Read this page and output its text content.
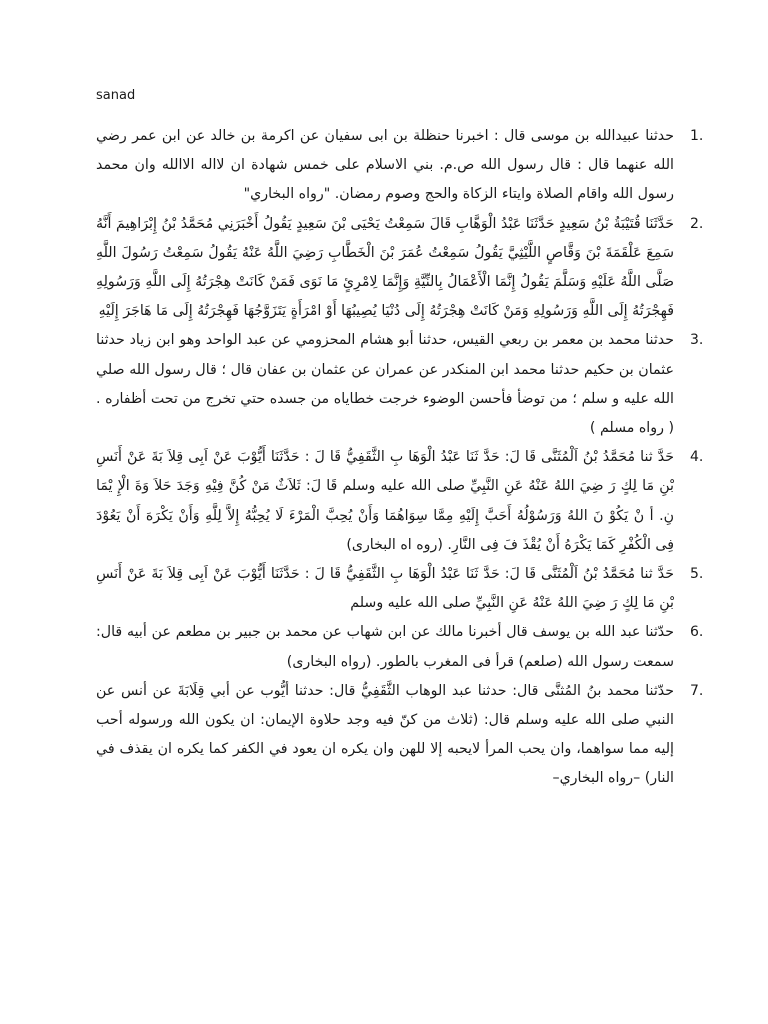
sanad
1.
حدثنا عبيدالله بن موسى قال : اخبرنا حنظلة بن ابى سفيان عن اكرمة بن خالد عن ابن عمر رضي الله عنهما قال : قال رسول الله ص.م. بني الاسلام على خمس شهادة ان لااله الاالله وان محمد رسول الله واقام الصلاة وايتاء الزكاة والحج وصوم رمضان. "رواه البخاري"
2.
حَدَّثَنَا قُتَيْبَةُ بْنُ سَعِيدٍ حَدَّثَنَا عَبْدُ الْوَهَّابِ قَالَ سَمِعْتُ يَحْيَى بْنَ سَعِيدٍ يَقُولُ أَخْبَرَنِي مُحَمَّدُ بْنُ إِبْرَاهِيمَ أَنَّهُ سَمِعَ عَلْقَمَةَ بْنَ وَقَّاصٍ اللَّيْثِيَّ يَقُولُ سَمِعْتُ عُمَرَ بْنَ الْخَطَّابِ رَضِيَ اللَّهُ عَنْهُ يَقُولُ سَمِعْتُ رَسُولَ اللَّهِ صَلَّى اللَّهُ عَلَيْهِ وَسَلَّمَ يَقُولُ إِنَّمَا الْأَعْمَالُ بِالنِّيَّةِ وَإِنَّمَا لِامْرِئٍ مَا نَوَى فَمَنْ كَانَتْ هِجْرَتُهُ إِلَى اللَّهِ وَرَسُولِهِ فَهِجْرَتُهُ إِلَى اللَّهِ وَرَسُولِهِ وَمَنْ كَانَتْ هِجْرَتُهُ إِلَى دُنْيَا يُصِيبُهَا أَوْ امْرَأَةٍ يَتَزَوَّجُهَا فَهِجْرَتُهُ إِلَى مَا هَاجَرَ إِلَيْهِ
3.
حدثنا محمد بن معمر بن ربعي القيس، حدثنا أبو هشام المحزومي عن عبد الواحد وهو ابن زياد حدثنا عثمان بن حكيم حدثنا محمد ابن المنكدر عن عمران عن عثمان بن عفان قال ؛ قال رسول الله صلي الله عليه و سلم ؛ من توضأ فأحسن الوضوء خرجت خطاياه من جسده حتي تخرج من تحت أظفاره . ( رواه مسلم )
4.
حَدَّ ثنا مُحَمَّدُ بْنُ اَلْمُثَنَّى قَا لَ: حَدَّ ثَنَا عَبْدُ الْوَهَا بِ الثَّقَفِيُّ قَا لَ : حَدَّثَنَا أَيُّوْبَ عَنْ اَبِى قِلاَ بَةَ عَنْ أَنَسِ بْنِ مَا لِكٍ رَ ضِيَ اللهُ عَنْهُ عَنِ النَّبِيِّ صلى الله عليه وسلم قَا لَ: ثَلاَثٌ مَنْ كُنَّ فِيْهِ وَجَدَ حَلاَ وَةَ الْإِ يْمَا نِ. أ نْ يَكُوْ نَ اللهُ وَرَسُوْلُهُ أَحَبَّ إِلَيْهِ مِمَّا سِوَاهُمَا وَأَنْ يُحِبَّ الْمَرْءَ لَا يُحِبُّهُ إِلاَّ لِلَّهِ وَأَنْ يَكْرَهَ أَنْ يَعُوْدَ فِى الْكُفْرِ كَمَا يَكْرَهُ أَنْ يُقْذَ فَ فِى النَّارِ. (روه اه البخارى)
5.
حَدَّ ثنا مُحَمَّدُ بْنُ اَلْمُثَنَّى قَا لَ: حَدَّ ثَنَا عَبْدُ الْوَهَا بِ الثَّقَفِيُّ قَا لَ : حَدَّثَنَا أَيُّوْبَ عَنْ اَبِى قِلاَ بَةَ عَنْ أَنَسِ بْنِ مَا لِكٍ رَ ضِيَ اللهُ عَنْهُ عَنِ النَّبِيِّ صلى الله عليه وسلم
6.
حدّثنا عبد الله بن يوسف قال أخبرنا مالك عن ابن شهاب عن محمد بن جبير بن مطعم عن أبيه قال: سمعت رسول الله (صلعم) قرأ فى المغرب بالطور. (رواه البخارى)
7.
حدّثنا محمد بنُ المُثنَّى قال: حدثنا عبد الوهاب الثَّقَفِيُّ قال: حدثنا أيُّوب عن أبي قِلَابَةَ عن أنس عن النبي صلى الله عليه وسلم قال: (ثلاث من كنّ فيه وجد حلاوة الإيمان: ان يكون الله ورسوله أحب إليه مما سواهما، وان يحب المرأ لايحبه إلا للهن وان يكره ان يعود في الكفر كما يكره ان يقذف في النار) –رواه البخاري–
